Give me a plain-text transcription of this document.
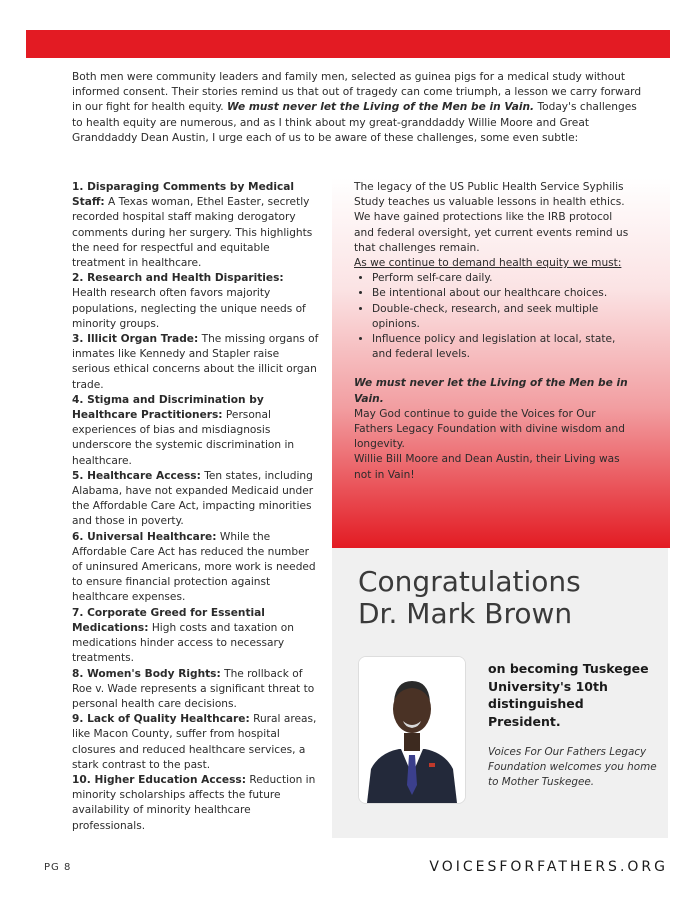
Both men were community leaders and family men, selected as guinea pigs for a medical study without informed consent. Their stories remind us that out of tragedy can come triumph, a lesson we carry forward in our fight for health equity. We must never let the Living of the Men be in Vain. Today's challenges to health equity are numerous, and as I think about my great-granddaddy Willie Moore and Great Granddaddy Dean Austin, I urge each of us to be aware of these challenges, some even subtle:

1. Disparaging Comments by Medical Staff: A Texas woman, Ethel Easter, secretly recorded hospital staff making derogatory comments during her surgery. This highlights the need for respectful and equitable treatment in healthcare.

2. Research and Health Disparities: Health research often favors majority populations, neglecting the unique needs of minority groups.

3. Illicit Organ Trade: The missing organs of inmates like Kennedy and Stapler raise serious ethical concerns about the illicit organ trade.

4. Stigma and Discrimination by Healthcare Practitioners: Personal experiences of bias and misdiagnosis underscore the systemic discrimination in healthcare.

5. Healthcare Access: Ten states, including Alabama, have not expanded Medicaid under the Affordable Care Act, impacting minorities and those in poverty.

6. Universal Healthcare: While the Affordable Care Act has reduced the number of uninsured Americans, more work is needed to ensure financial protection against healthcare expenses.

7. Corporate Greed for Essential Medications: High costs and taxation on medications hinder access to necessary treatments.

8. Women's Body Rights: The rollback of Roe v. Wade represents a significant threat to personal health care decisions.

9. Lack of Quality Healthcare: Rural areas, like Macon County, suffer from hospital closures and reduced healthcare services, a stark contrast to the past.

10. Higher Education Access: Reduction in minority scholarships affects the future availability of minority healthcare professionals.

The legacy of the US Public Health Service Syphilis Study teaches us valuable lessons in health ethics. We have gained protections like the IRB protocol and federal oversight, yet current events remind us that challenges remain.

As we continue to demand health equity we must:

• Perform self-care daily.
• Be intentional about our healthcare choices.
• Double-check, research, and seek multiple opinions.
• Influence policy and legislation at local, state, and federal levels.

We must never let the Living of the Men be in Vain.

May God continue to guide the Voices for Our Fathers Legacy Foundation with divine wisdom and longevity.

Willie Bill Moore and Dean Austin, their Living was not in Vain!

Congratulations
Dr. Mark Brown
on becoming Tuskegee University's 10th distinguished President.
Voices For Our Fathers Legacy Foundation welcomes you home to Mother Tuskegee.
PG 8	VOICESFORFATHERS.ORG
